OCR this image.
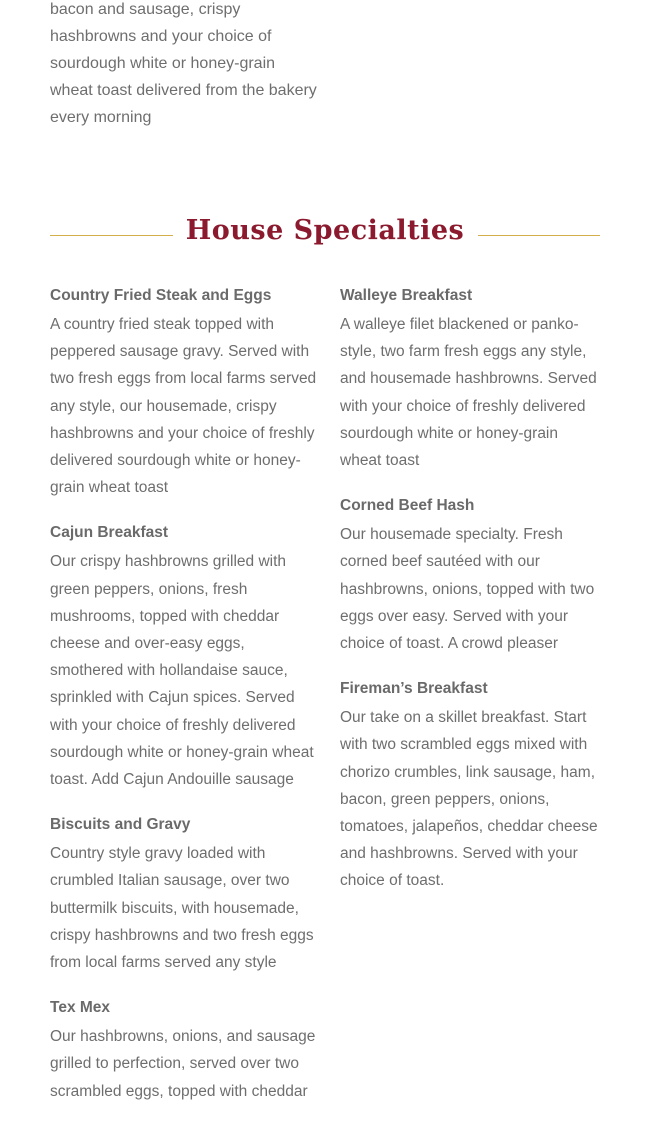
bacon and sausage, crispy hashbrowns and your choice of sourdough white or honey-grain wheat toast delivered from the bakery every morning

House Specialties
Country Fried Steak and Eggs

A country fried steak topped with peppered sausage gravy. Served with two fresh eggs from local farms served any style, our housemade, crispy hashbrowns and your choice of freshly delivered sourdough white or honey-grain wheat toast

Cajun Breakfast

Our crispy hashbrowns grilled with green peppers, onions, fresh mushrooms, topped with cheddar cheese and over-easy eggs, smothered with hollandaise sauce, sprinkled with Cajun spices. Served with your choice of freshly delivered sourdough white or honey-grain wheat toast. Add Cajun Andouille sausage

Biscuits and Gravy

Country style gravy loaded with crumbled Italian sausage, over two buttermilk biscuits, with housemade, crispy hashbrowns and two fresh eggs from local farms served any style

Tex Mex

Our hashbrowns, onions, and sausage grilled to perfection, served over two scrambled eggs, topped with cheddar

Walleye Breakfast

A walleye filet blackened or panko-style, two farm fresh eggs any style, and housemade hashbrowns. Served with your choice of freshly delivered sourdough white or honey-grain wheat toast

Corned Beef Hash

Our housemade specialty. Fresh corned beef sautéed with our hashbrowns, onions, topped with two eggs over easy. Served with your choice of toast. A crowd pleaser

Fireman’s Breakfast

Our take on a skillet breakfast. Start with two scrambled eggs mixed with chorizo crumbles, link sausage, ham, bacon, green peppers, onions, tomatoes, jalapeños, cheddar cheese and hashbrowns. Served with your choice of toast.
